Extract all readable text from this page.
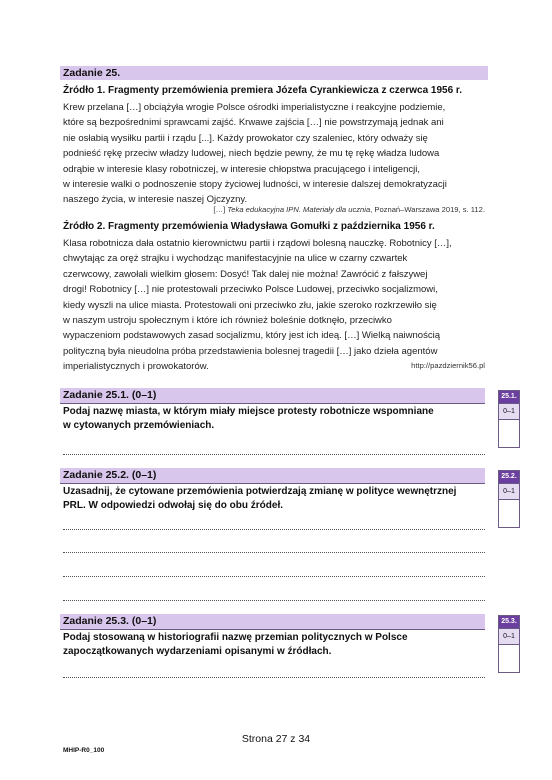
Zadanie 25.
Źródło 1. Fragmenty przemówienia premiera Józefa Cyrankiewicza z czerwca 1956 r.
Krew przelana […] obciążyła wrogie Polsce ośrodki imperialistyczne i reakcyjne podziemie,
które są bezpośrednimi sprawcami zajść. Krwawe zajścia […] nie powstrzymają jednak ani
nie osłabią wysiłku partii i rządu [...]. Każdy prowokator czy szaleniec, który odważy się
podnieść rękę przeciw władzy ludowej, niech będzie pewny, że mu tę rękę władza ludowa
odrąbie w interesie klasy robotniczej, w interesie chłopstwa pracującego i inteligencji,
w interesie walki o podnoszenie stopy życiowej ludności, w interesie dalszej demokratyzacji
naszego życia, w interesie naszej Ojczyzny.
[…] Teka edukacyjna IPN. Materiały dla ucznia, Poznań–Warszawa 2019, s. 112.
Źródło 2. Fragmenty przemówienia Władysława Gomułki z października 1956 r.
Klasa robotnicza dała ostatnio kierownictwu partii i rządowi bolesną nauczkę. Robotnicy […],
chwytając za oręż strajku i wychodząc manifestacyjnie na ulice w czarny czwartek
czerwcowy, zawołali wielkim głosem: Dosyć! Tak dalej nie można! Zawrócić z fałszywej
drogi! Robotnicy […] nie protestowali przeciwko Polsce Ludowej, przeciwko socjalizmowi,
kiedy wyszli na ulice miasta. Protestowali oni przeciwko złu, jakie szeroko rozkrzewiło się
w naszym ustroju społecznym i które ich również boleśnie dotknęło, przeciwko
wypaczeniom podstawowych zasad socjalizmu, który jest ich ideą. […] Wielką naiwnością
polityczną była nieudolna próba przedstawienia bolesnej tragedii […] jako dzieła agentów
imperialistycznych i prowokatorów.	http://pazdziernik56.pl
Zadanie 25.1. (0–1)
Podaj nazwę miasta, w którym miały miejsce protesty robotnicze wspomniane
w cytowanych przemówieniach.
25.1.
0–1
Zadanie 25.2. (0–1)
Uzasadnij, że cytowane przemówienia potwierdzają zmianę w polityce wewnętrznej
PRL. W odpowiedzi odwołaj się do obu źródeł.
25.2.
0–1
Zadanie 25.3. (0–1)
Podaj stosowaną w historiografii nazwę przemian politycznych w Polsce
zapoczątkowanych wydarzeniami opisanymi w źródłach.
25.3.
0–1
Strona 27 z 34
MHIP-R0_100
